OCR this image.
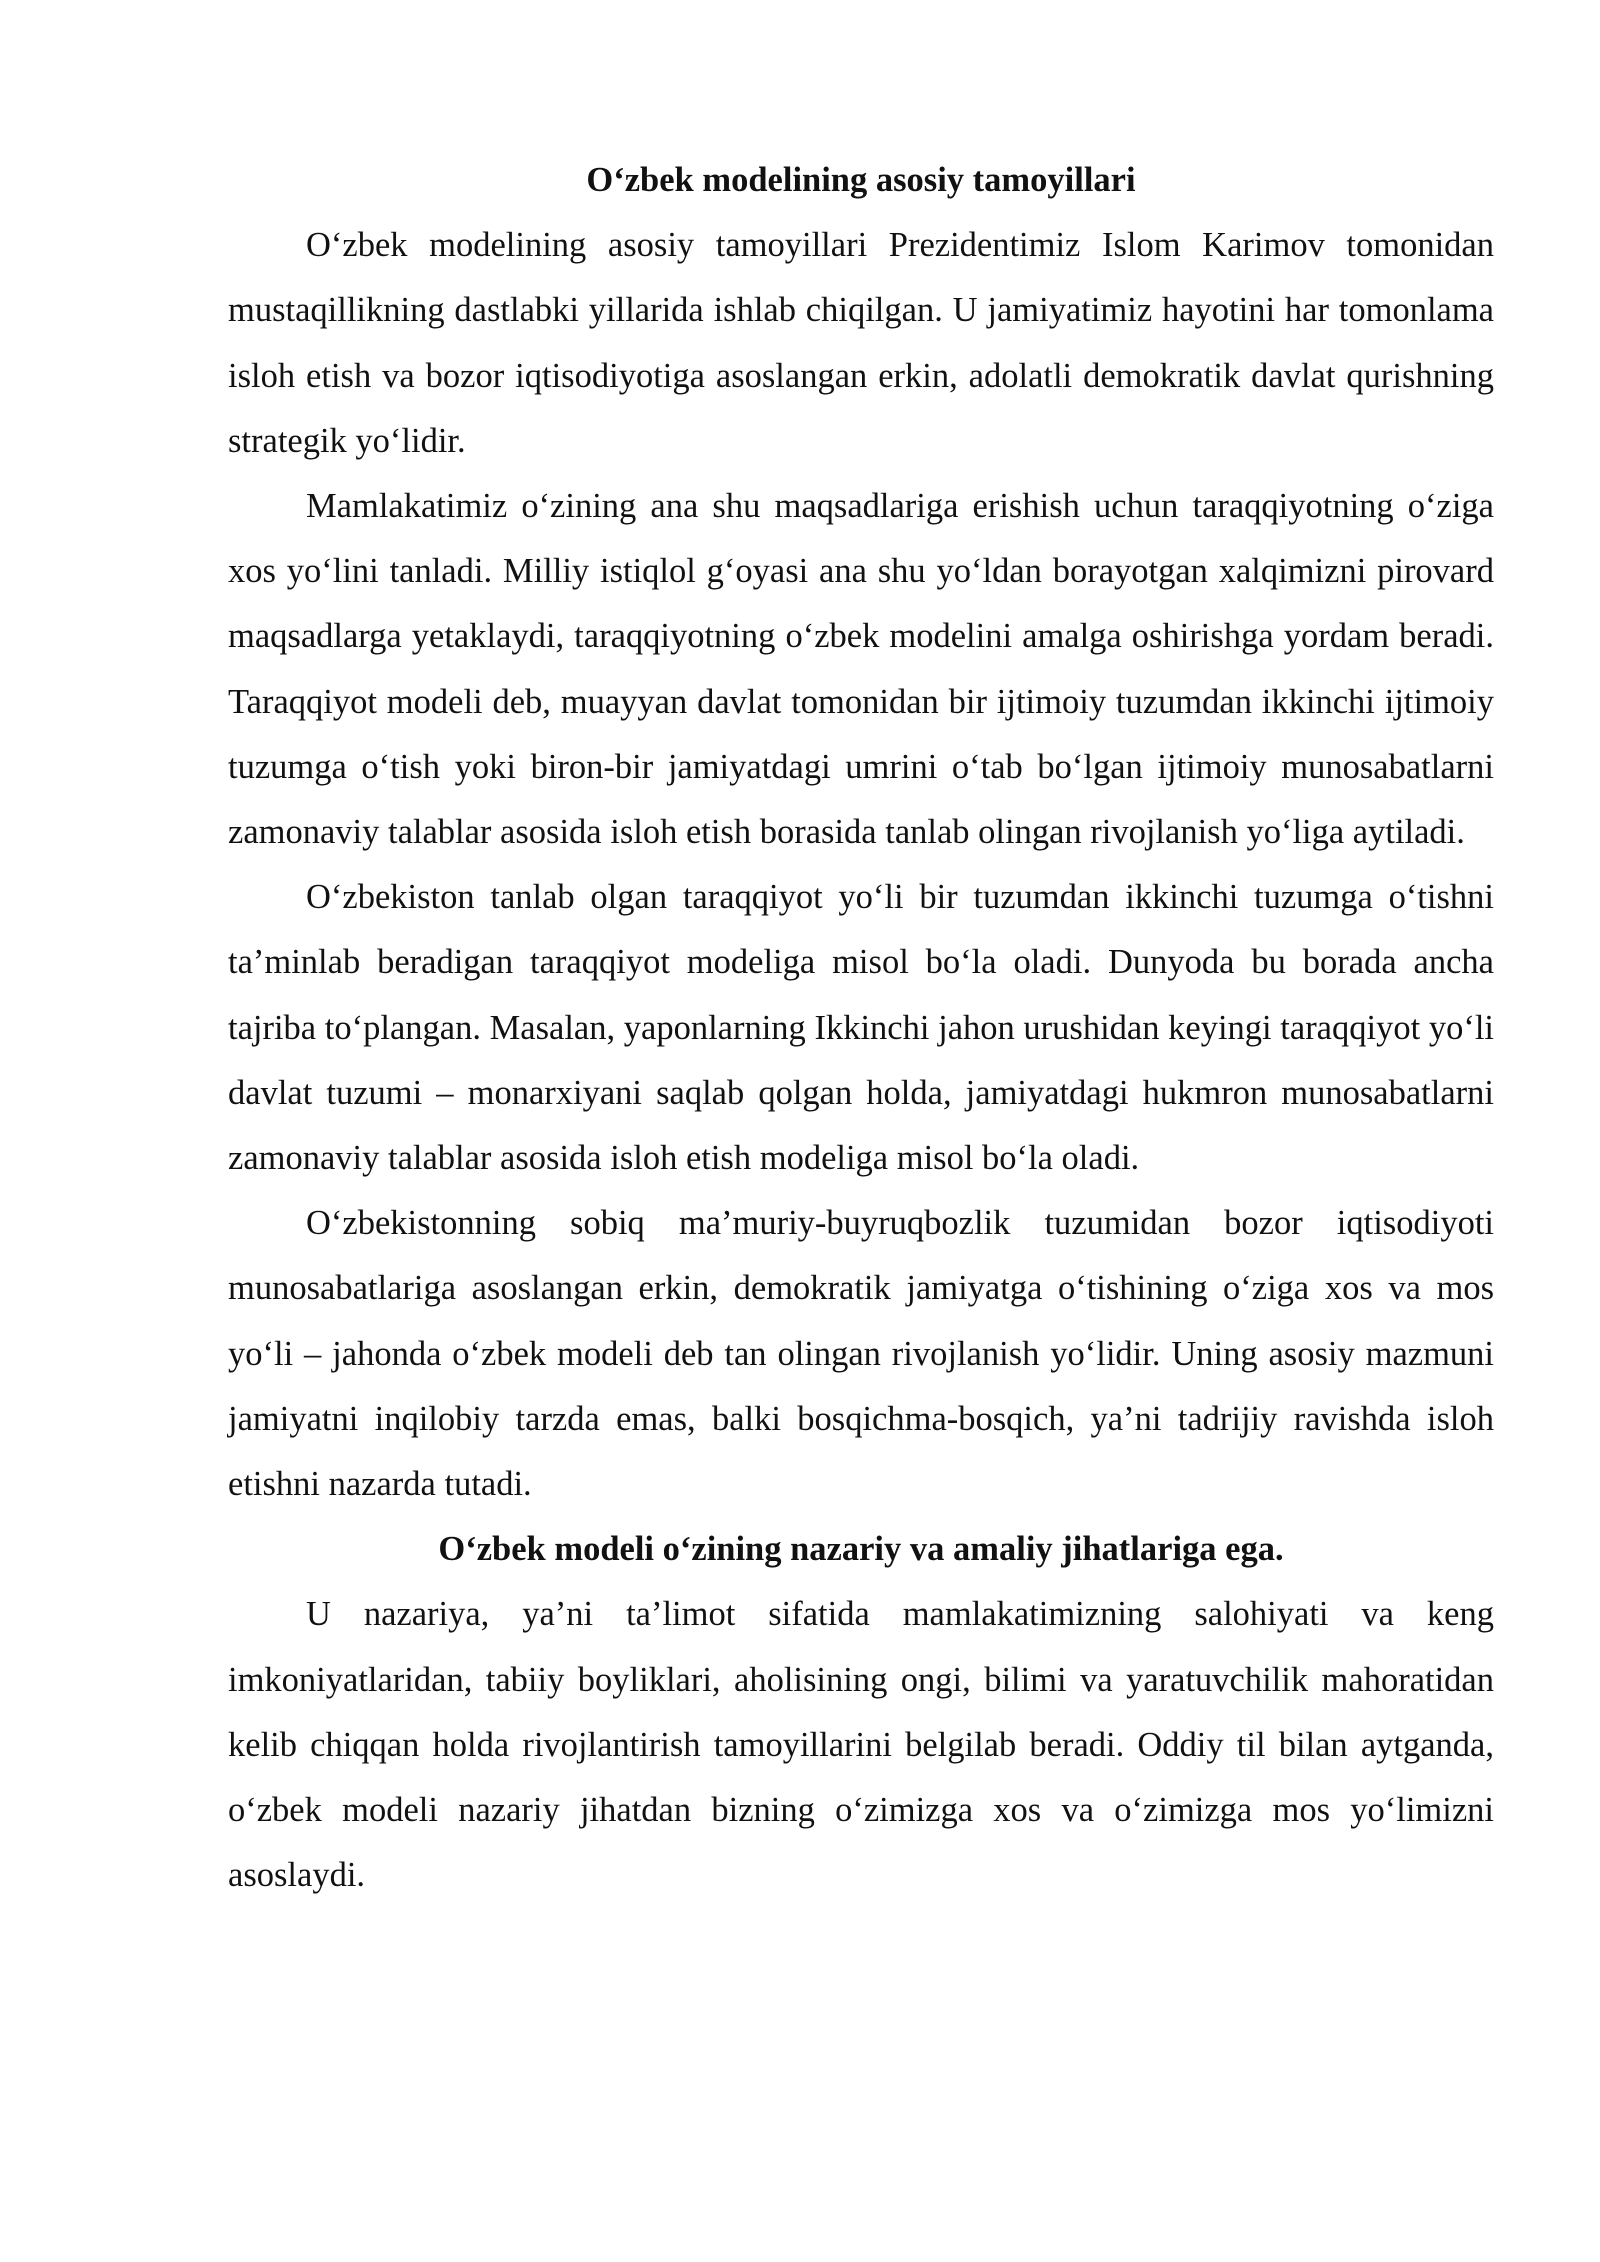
O‘zbek modelining asosiy tamoyillari

O‘zbek modelining asosiy tamoyillari Prezidentimiz Islom Karimov tomonidan mustaqillikning dastlabki yillarida ishlab chiqilgan. U jamiyatimiz hayotini har tomonlama isloh etish va bozor iqtisodiyotiga asoslangan erkin, adolatli demokratik davlat qurishning strategik yo‘lidir.

Mamlakatimiz o‘zining ana shu maqsadlariga erishish uchun taraqqiyotning o‘ziga xos yo‘lini tanladi. Milliy istiqlol g‘oyasi ana shu yo‘ldan borayotgan xalqimizni pirovard maqsadlarga yetaklaydi, taraqqiyotning o‘zbek modelini amalga oshirishga yordam beradi. Taraqqiyot modeli deb, muayyan davlat tomonidan bir ijtimoiy tuzumdan ikkinchi ijtimoiy tuzumga o‘tish yoki biron-bir jamiyatdagi umrini o‘tab bo‘lgan ijtimoiy munosabatlarni zamonaviy talablar asosida isloh etish borasida tanlab olingan rivojlanish yo‘liga aytiladi.

O‘zbekiston tanlab olgan taraqqiyot yo‘li bir tuzumdan ikkinchi tuzumga o‘tishni ta’minlab beradigan taraqqiyot modeliga misol bo‘la oladi. Dunyoda bu borada ancha tajriba to‘plangan. Masalan, yaponlarning Ikkinchi jahon urushidan keyingi taraqqiyot yo‘li davlat tuzumi – monarxiyani saqlab qolgan holda, jamiyatdagi hukmron munosabatlarni zamonaviy talablar asosida isloh etish modeliga misol bo‘la oladi.

O‘zbekistonning sobiq ma’muriy-buyruqbozlik tuzumidan bozor iqtisodiyoti munosabatlariga asoslangan erkin, demokratik jamiyatga o‘tishining o‘ziga xos va mos yo‘li – jahonda o‘zbek modeli deb tan olingan rivojlanish yo‘lidir. Uning asosiy mazmuni jamiyatni inqilobiy tarzda emas, balki bosqichma-bosqich, ya’ni tadrijiy ravishda isloh etishni nazarda tutadi.

O‘zbek modeli o‘zining nazariy va amaliy jihatlariga ega.

U nazariya, ya’ni ta’limot sifatida mamlakatimizning salohiyati va keng imkoniyatlaridan, tabiiy boyliklari, aholisining ongi, bilimi va yaratuvchilik mahoratidan kelib chiqqan holda rivojlantirish tamoyillarini belgilab beradi. Oddiy til bilan aytganda, o‘zbek modeli nazariy jihatdan bizning o‘zimizga xos va o‘zimizga mos yo‘limizni asoslaydi.
